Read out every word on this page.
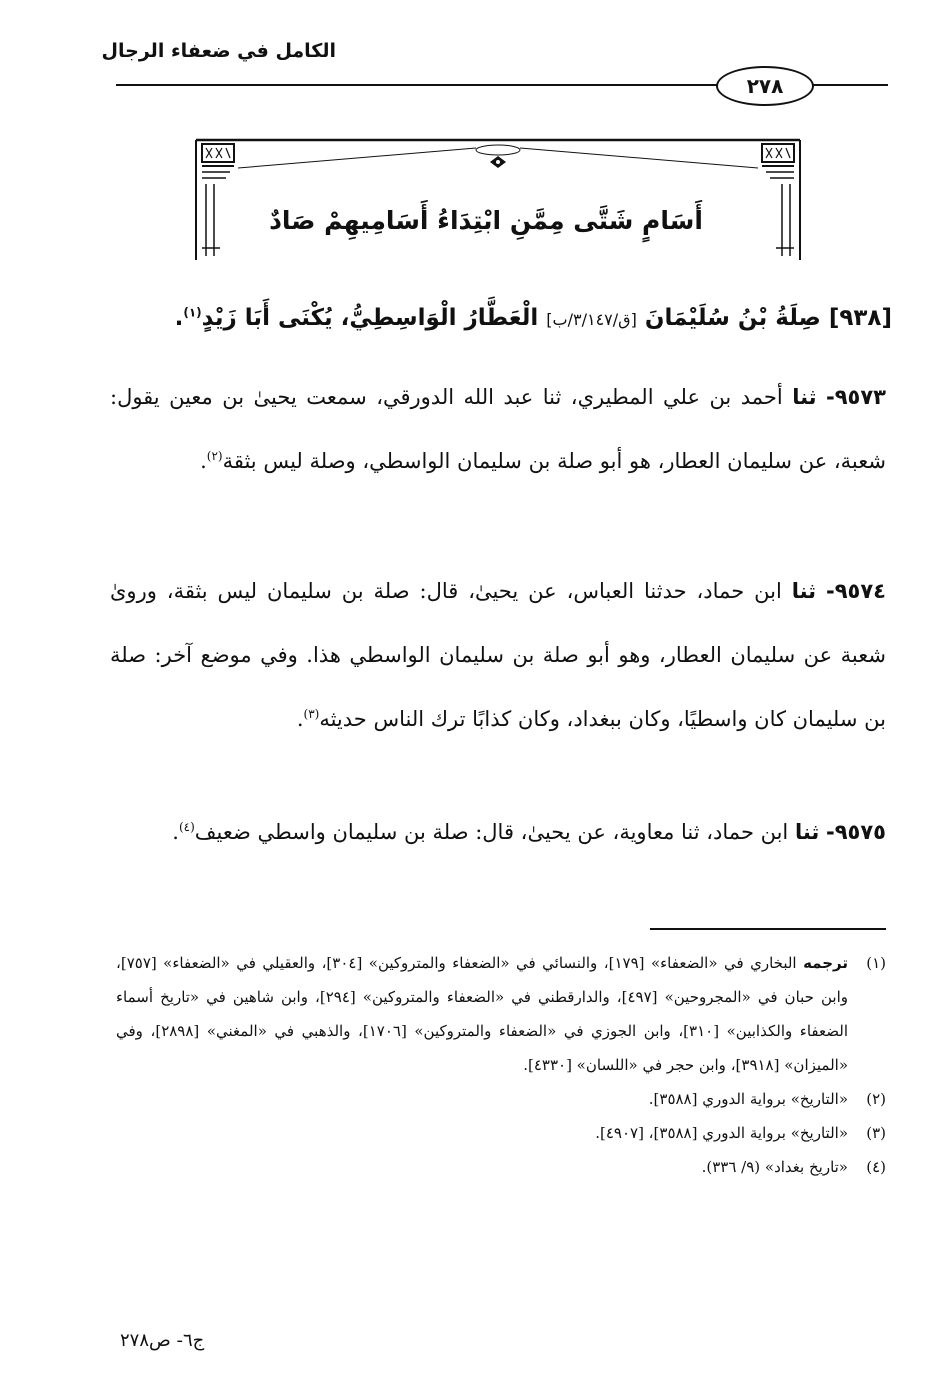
الكامل في ضعفاء الرجال
٢٧٨
أَسَامٍ شَتَّى مِمَّنِ ابْتِدَاءُ أَسَامِيهِمْ صَادٌ
[٩٣٨] صِلَةُ بْنُ سُلَيْمَانَ [ق/٣/١٤٧/ب] الْعَطَّارُ الْوَاسِطِيُّ، يُكْنَى أَبَا زَيْدٍ$^{(١)}$.
٩٥٧٣- ثنا أحمد بن علي المطيري، ثنا عبد الله الدورقي، سمعت يحيىٰ بن معين يقول: شعبة، عن سليمان العطار، هو أبو صلة بن سليمان الواسطي، وصلة ليس بثقة$^{(٢)}$.
٩٥٧٤- ثنا ابن حماد، حدثنا العباس، عن يحيىٰ، قال: صلة بن سليمان ليس بثقة، ورویٰ شعبة عن سليمان العطار، وهو أبو صلة بن سليمان الواسطي هذا. وفي موضع آخر: صلة بن سليمان كان واسطيًا، وكان ببغداد، وكان كذابًا ترك الناس حديثه$^{(٣)}$.
٩٥٧٥- ثنا ابن حماد، ثنا معاوية، عن يحيىٰ، قال: صلة بن سليمان واسطي ضعيف$^{(٤)}$.
(١)ترجمه البخاري في «الضعفاء» [١٧٩]، والنسائي في «الضعفاء والمتروكين» [٣٠٤]، والعقيلي في «الضعفاء» [٧٥٧]، وابن حبان في «المجروحين» [٤٩٧]، والدارقطني في «الضعفاء والمتروكين» [٢٩٤]، وابن شاهين في «تاريخ أسماء الضعفاء والكذابين» [٣١٠]، وابن الجوزي في «الضعفاء والمتروكين» [١٧٠٦]، والذهبي في «المغني» [٢٨٩٨]، وفي «الميزان» [٣٩١٨]، وابن حجر في «اللسان» [٤٣٣٠].
(٢)«التاريخ» برواية الدوري [٣٥٨٨].
(٣)«التاريخ» برواية الدوري [٣٥٨٨]، [٤٩٠٧].
(٤)«تاريخ بغداد» (٩/ ٣٣٦).
ج٦- ص٢٧٨
